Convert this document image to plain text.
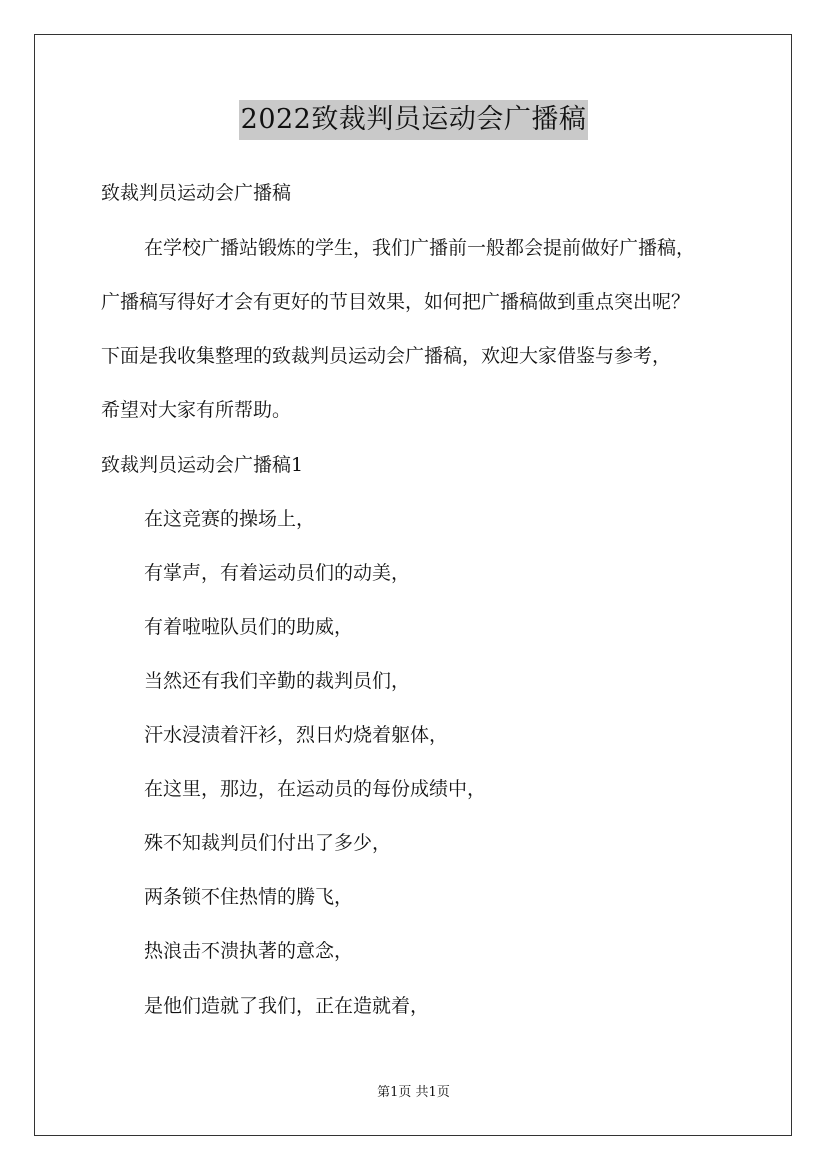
2022致裁判员运动会广播稿
致裁判员运动会广播稿
在学校广播站锻炼的学生，我们广播前一般都会提前做好广播稿，
广播稿写得好才会有更好的节目效果，如何把广播稿做到重点突出呢？
下面是我收集整理的致裁判员运动会广播稿，欢迎大家借鉴与参考，
希望对大家有所帮助。
致裁判员运动会广播稿1
在这竞赛的操场上，
有掌声，有着运动员们的动美，
有着啦啦队员们的助威，
当然还有我们辛勤的裁判员们，
汗水浸渍着汗衫，烈日灼烧着躯体，
在这里，那边，在运动员的每份成绩中，
殊不知裁判员们付出了多少，
两条锁不住热情的腾飞，
热浪击不溃执著的意念，
是他们造就了我们，正在造就着，
第1页 共1页
